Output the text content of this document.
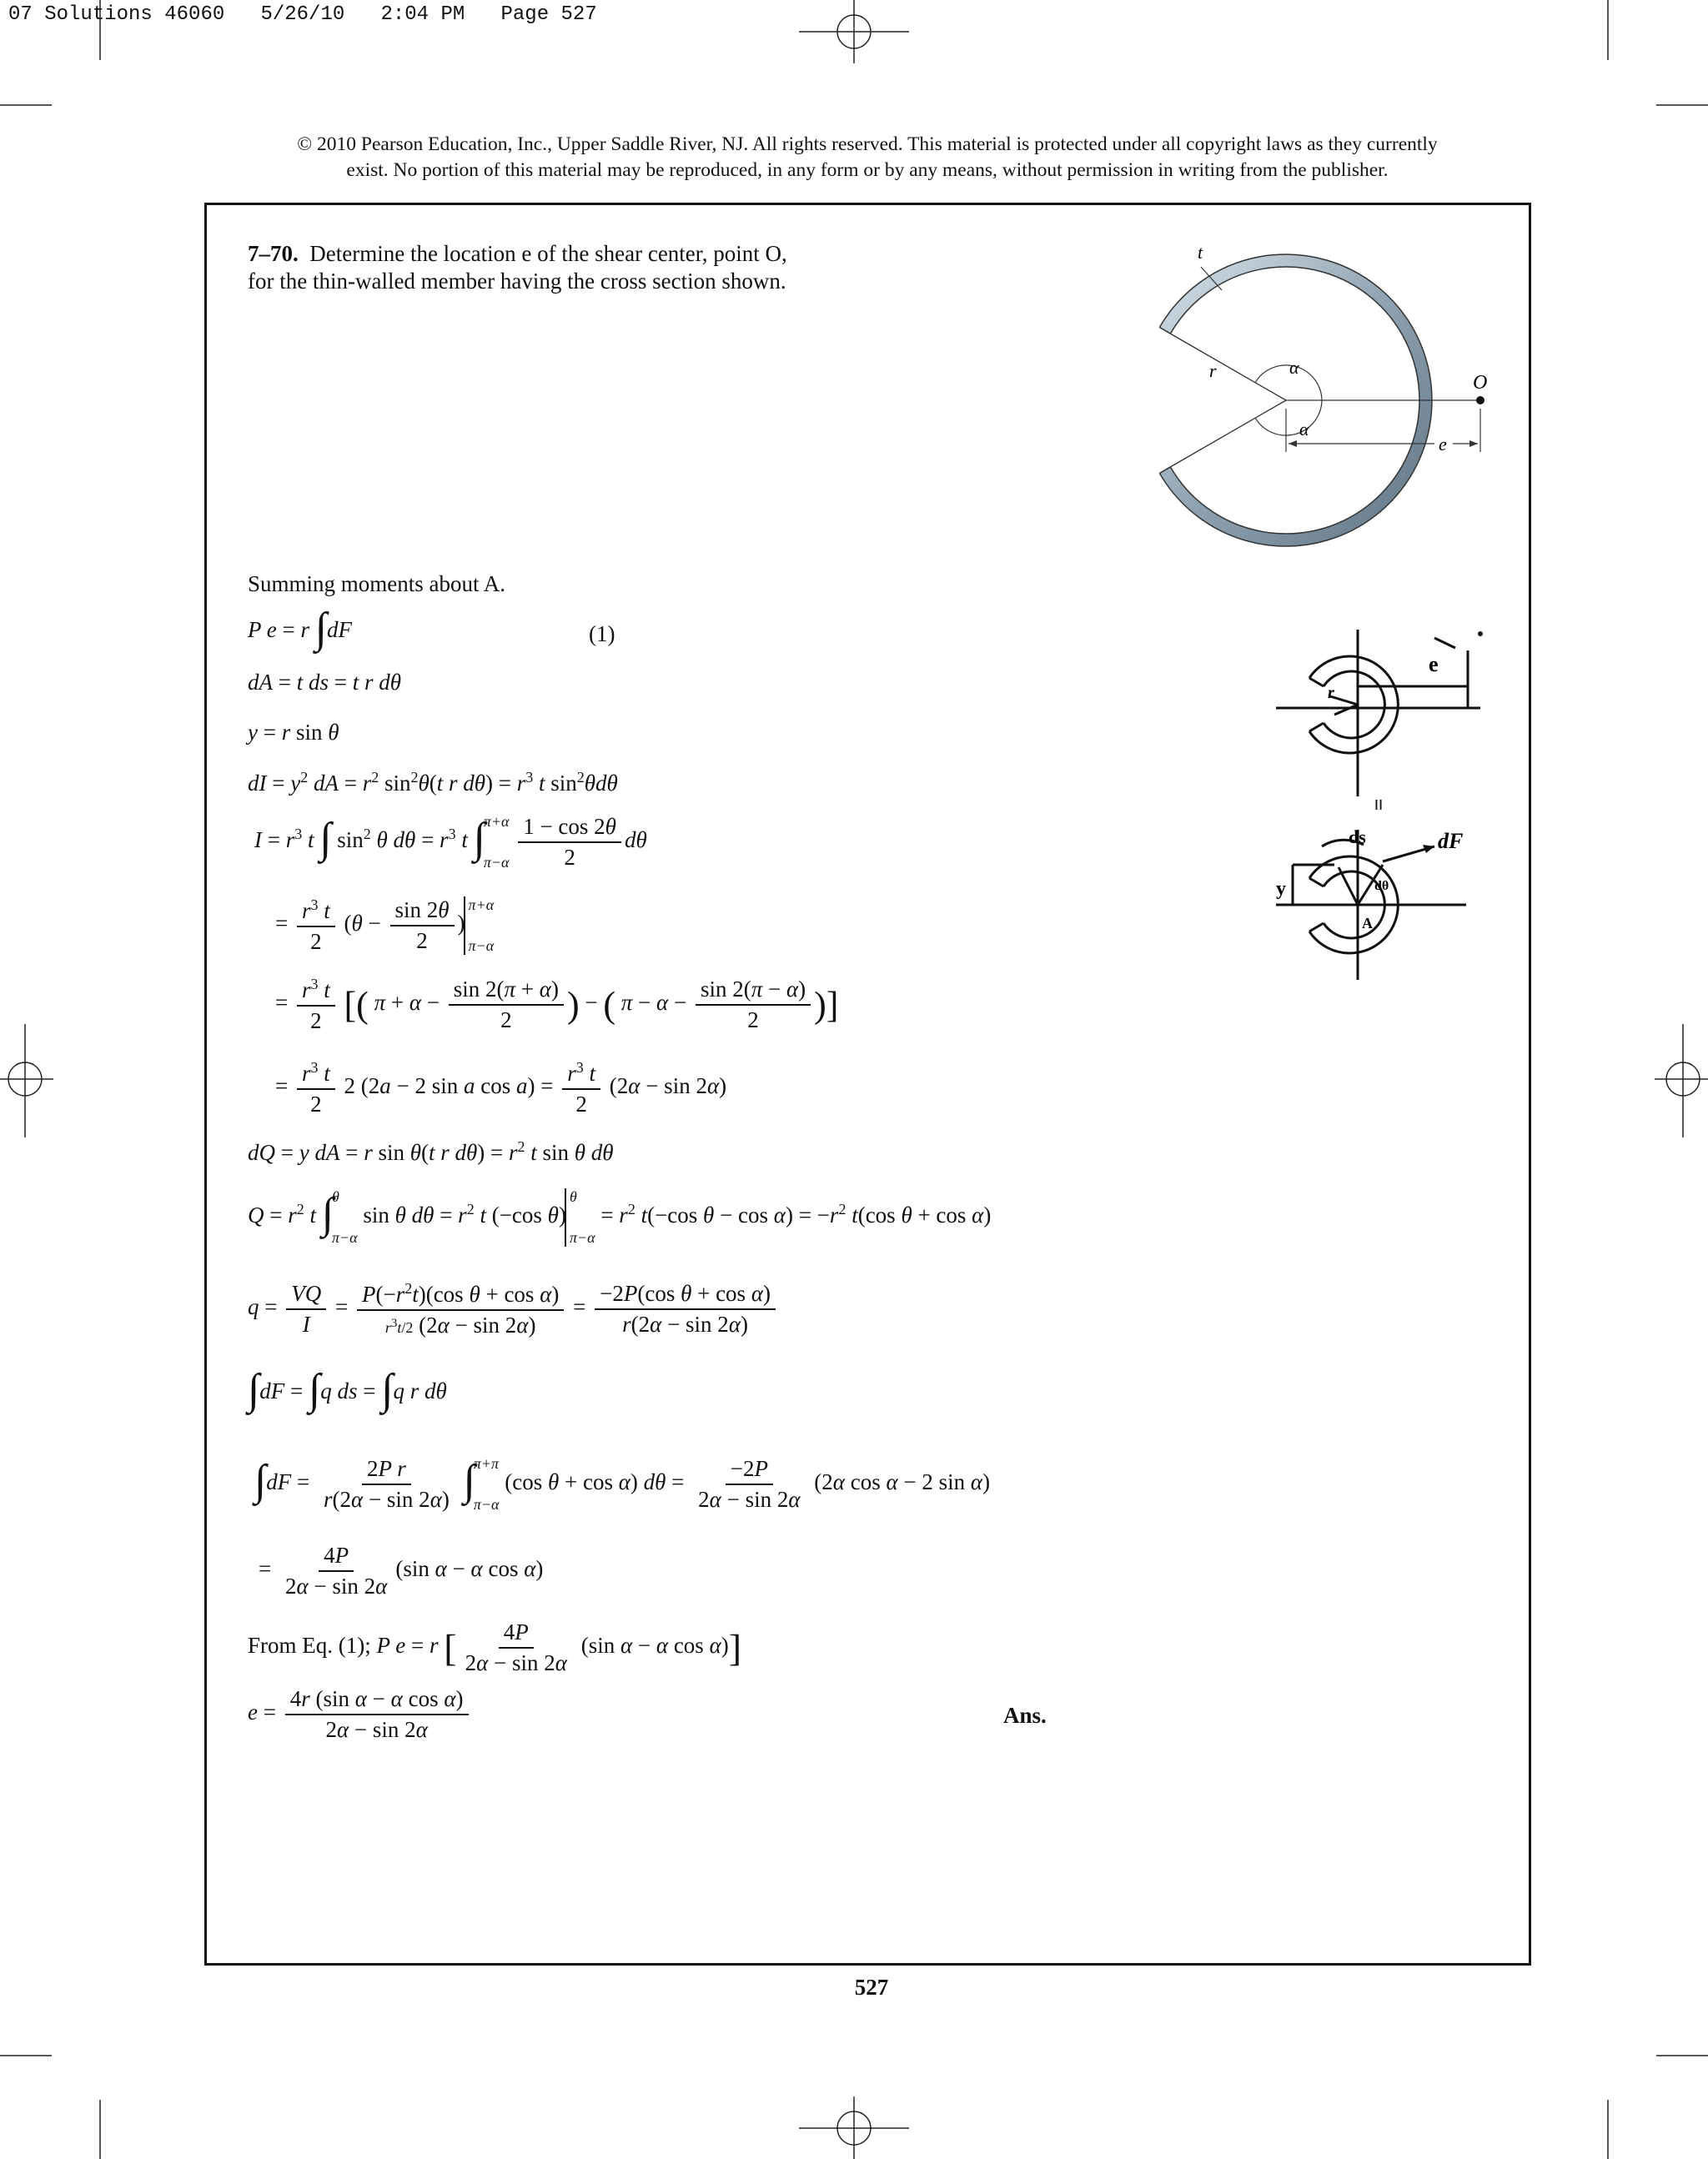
07 Solutions 46060   5/26/10   2:04 PM   Page 527
© 2010 Pearson Education, Inc., Upper Saddle River, NJ. All rights reserved. This material is protected under all copyright laws as they currently
exist. No portion of this material may be reproduced, in any form or by any means, without permission in writing from the publisher.
7–70. Determine the location e of the shear center, point O,
for the thin-walled member having the cross section shown.
t
r	α
α
O
e
r
e
=
ds	dF
y	dθ
A
Summing moments about A.
P e = r ∫dF	(1)
dA = t ds = t r dθ
y = r sin θ
dI = $y^2$ dA = $r^2$ $\sin^2\theta(t$ r $d\theta) = r^3$ t $\sin^2\theta d\theta$
$I = r^3$ t ∫ $\sin^2 \theta$ $d\theta = r^3$ t ∫
π+α
π−α
$\frac{1 - \cos 2\theta}{2}$ dθ
= $\frac{r^3 t}{2} (\theta - \frac{\sin 2\theta}{2}$ )
π+α
π−α
= $\frac{r^3 t}{2}$ [( $\pi + \alpha - \frac{\sin 2(\pi + \alpha)}{2}$ ) − ( $\pi - \alpha - \frac{\sin 2(\pi - \alpha)}{2}$ )]
= $\frac{r^3 t}{2} 2$ (2a − 2 sin a $\cos a) = \frac{r^3 t}{2} (2\alpha - \sin 2\alpha)$
dQ = y dA = r sin θ(t r $d\theta) = r^2$ t sin θ dθ
$Q = r^2$ t ∫
θ
π−α
sin θ $d\theta = r^2$ t (−cos θ)
θ
π−α
= $r^2$ t(−cos $\theta - \cos \alpha) = -r^2$ t(cos θ + cos α)
$q = \frac{VQ}{I} = \frac{P(-r^2t)(\cos \theta + \cos \alpha)}{r^3t/2 (2\alpha - \sin 2\alpha)} = \frac{\text{−2P(cos θ + cos α)}}{r(2\alpha - \sin 2\alpha)}$
∫dF = ∫q ds = ∫q r dθ
$\int dF = \frac{\text{2P r}}{r(2\alpha - \sin 2\alpha)}$ ∫
π+π
π−α
(cos θ + cos α) $d\theta = \frac{-2P}{2\alpha - \sin 2\alpha} (2\alpha$ cos α − 2 sin α)
= $\frac{4P}{2\alpha - \sin 2\alpha} (\sin$ α − α cos α)
From Eq. (1); P e = r [ $\frac{4P}{2\alpha - \sin 2\alpha} (\sin$ α − α cos α)]
$e = \frac{\text{4r (sin α − α cos α)}}{2\alpha - \sin 2\alpha}$	Ans.
527
